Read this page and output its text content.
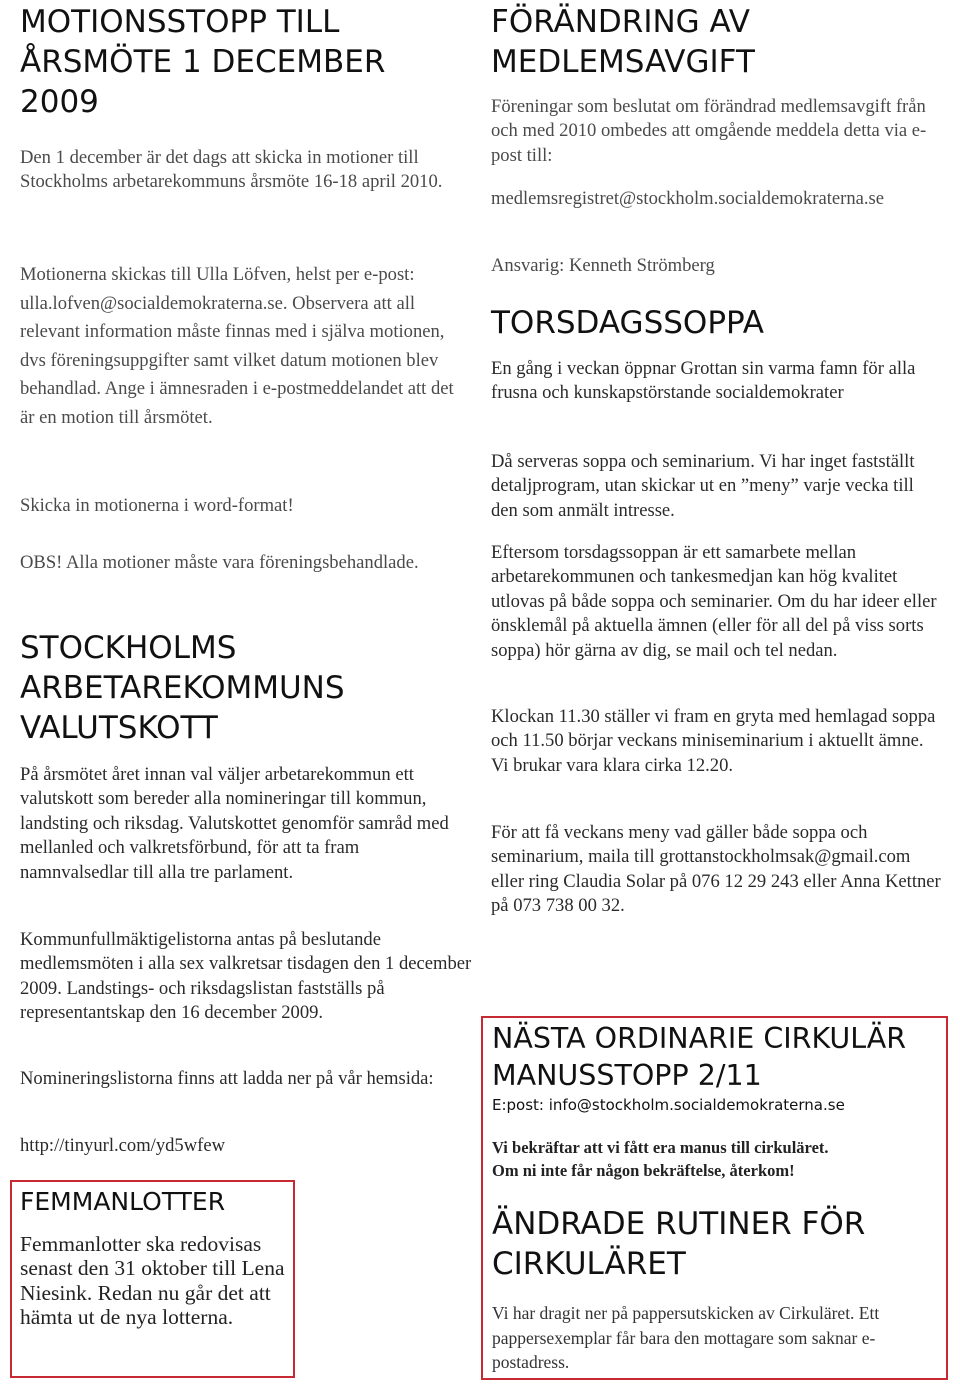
MOTIONSSTOPP TILL ÅRSMÖTE 1 DECEMBER 2009

Den 1 december är det dags att skicka in motioner till Stockholms arbetarekommuns årsmöte 16-18 april 2010.

Motionerna skickas till Ulla Löfven, helst per e-post: ulla.lofven@socialdemokraterna.se. Observera att all relevant information måste finnas med i själva motionen, dvs föreningsuppgifter samt vilket datum motionen blev behandlad. Ange i ämnesraden i e-postmeddelandet att det är en motion till årsmötet.

Skicka in motionerna i word-format!

OBS! Alla motioner måste vara föreningsbehandlade.

STOCKHOLMS ARBETAREKOMMUNS VALUTSKOTT

På årsmötet året innan val väljer arbetarekommun ett valutskott som bereder alla nomineringar till kommun, landsting och riksdag. Valutskottet genomför samråd med mellanled och valkretsförbund, för att ta fram namnvalsedlar till alla tre parlament.

Kommunfullmäktigelistorna antas på beslutande medlemsmöten i alla sex valkretsar tisdagen den 1 december 2009. Landstings- och riksdagslistan fastställs på representantskap den 16 december 2009.

Nomineringslistorna finns att ladda ner på vår hemsida:

http://tinyurl.com/yd5wfew

FEMMANLOTTER

Femmanlotter ska redovisas senast den 31 oktober till Lena Niesink. Redan nu går det att hämta ut de nya lotterna.

FÖRÄNDRING AV MEDLEMSAVGIFT

Föreningar som beslutat om förändrad medlemsavgift från och med 2010 ombedes att omgående meddela detta via e-post till:

medlemsregistret@stockholm.socialdemokraterna.se

Ansvarig: Kenneth Strömberg

TORSDAGSSOPPA

En gång i veckan öppnar Grottan sin varma famn för alla frusna och kunskapstörstande socialdemokrater

Då serveras soppa och seminarium. Vi har inget fastställt detaljprogram, utan skickar ut en ”meny” varje vecka till den som anmält intresse.

Eftersom torsdagssoppan är ett samarbete mellan arbetarekommunen och tankesmedjan kan hög kvalitet utlovas på både soppa och seminarier. Om du har ideer eller önsklemål på aktuella ämnen (eller för all del på viss sorts soppa) hör gärna av dig, se mail och tel nedan.

Klockan 11.30 ställer vi fram en gryta med hemlagad soppa och 11.50 börjar veckans miniseminarium i aktuellt ämne. Vi brukar vara klara cirka 12.20.

För att få veckans meny vad gäller både soppa och seminarium, maila till grottanstockholmsak@gmail.com eller ring Claudia Solar på 076 12 29 243 eller Anna Kettner på 073 738 00 32.

NÄSTA ORDINARIE CIRKULÄR MANUSSTOPP 2/11

E:post: info@stockholm.socialdemokraterna.se

Vi bekräftar att vi fått era manus till cirkuläret.

Om ni inte får någon bekräftelse, återkom!

ÄNDRADE RUTINER FÖR CIRKULÄRET

Vi har dragit ner på pappersutskicken av Cirkuläret. Ett pappersexemplar får bara den mottagare som saknar e-postadress.
